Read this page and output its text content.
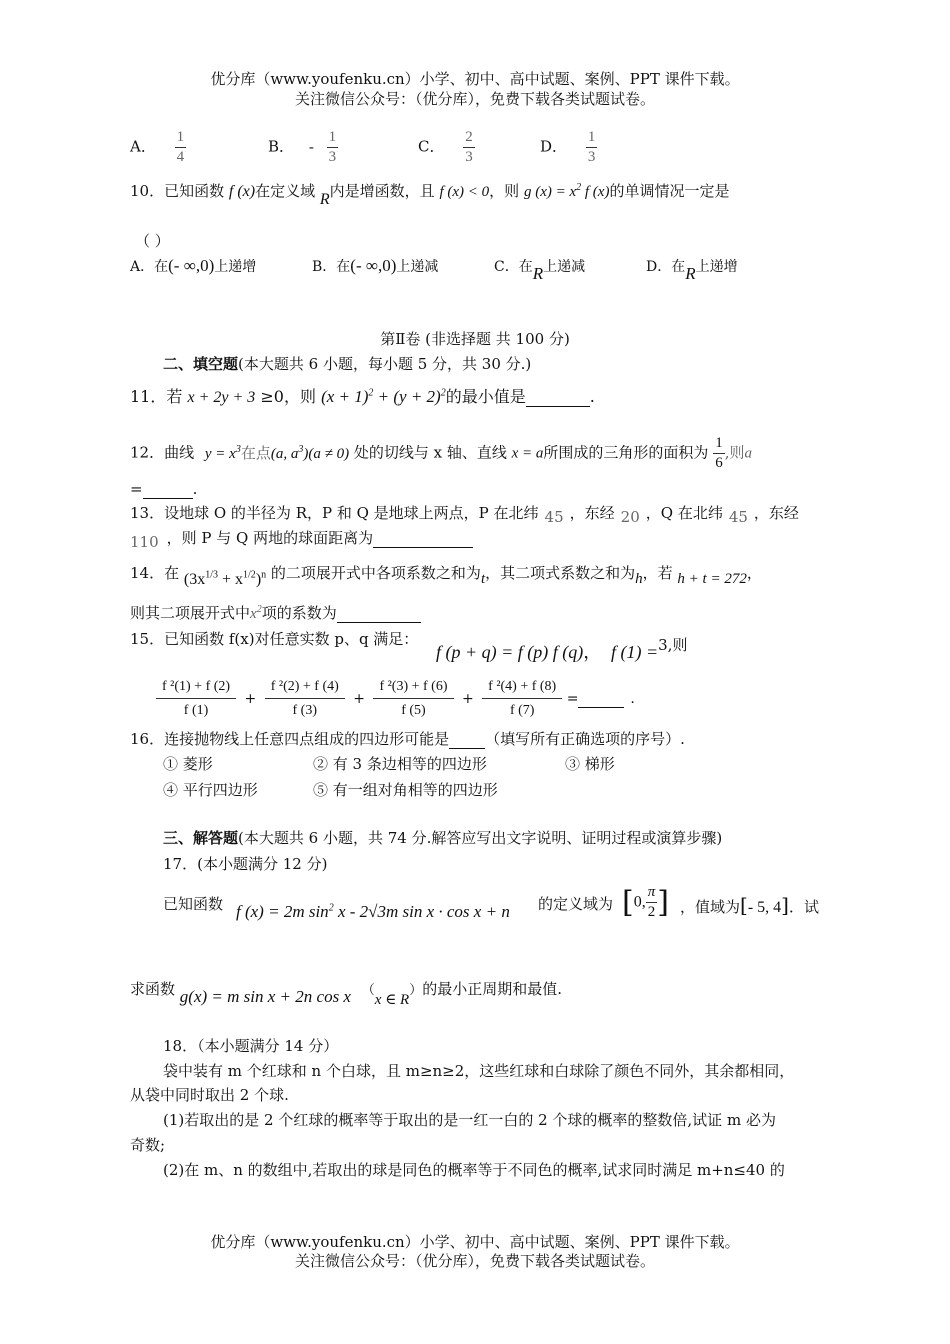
优分库（www.youfenku.cn）小学、初中、高中试题、案例、PPT 课件下载。
关注微信公众号：（优分库），免费下载各类试题试卷。
A． $\frac{1}{4}$	B． - $\frac{1}{3}$	C． $\frac{2}{3}$	D． $\frac{1}{3}$
10．已知函数 f (x)在定义域 R内是增函数，且 f (x) < 0，则 g $(x) = x^2$ f (x)的单调情况一定是
（ ）
A．在(- ∞,0)上递增	B．在(- ∞,0)上递减	C．在R上递减	D．在R上递增
第Ⅱ卷 (非选择题 共 100 分)
二、填空题(本大题共 6 小题，每小题 5 分，共 30 分.)
11．若 x + 2y + 3 ≥0，则 $(x + 1)^2 + (y + 2)^2$的最小值是	.
12．曲线 $y = x^3$在点(a, $a^3)(a \ne 0)$ 处的切线与 x 轴、直线 x = a所围成的三角形的面积为 $\frac{1}{6}$ ,则a
=	.
13．设地球 O 的半径为 R，P 和 Q 是地球上两点，P 在北纬 45 ，东经 20 ，Q 在北纬 45 ，东经
110 ，则 P 与 Q 两地的球面距离为
14．在 $(3x^{1/3} + x^{1/2})^n$ 的二项展开式中各项系数之和为t，其二项式系数之和为h，若 h + t = 272，
则其二项展开式中$x^2$项的系数为
15．已知函数 f(x)对任意实数 p、q 满足：
f (p + q) = f (p) f (q)， f (1) =$^{3,则}$
$\frac{\text{f ²(1) + f (2)}}{f (1)} + \frac{\text{f ²(2) + f (4)}}{f (3)} + \frac{\text{f ²(3) + f (6)}}{f (5)} + \frac{\text{f ²(4) + f (8)}}{f (7)}$ =	.
16．连接抛物线上任意四点组成的四边形可能是 （填写所有正确选项的序号）.
① 菱形	② 有 3 条边相等的四边形	③ 梯形
④ 平行四边形	⑤ 有一组对角相等的四边形
三、解答题(本大题共 6 小题，共 74 分.解答应写出文字说明、证明过程或演算步骤)
17．(本小题满分 12 分)
已知函数 f (x) = 2m $\sin^2 x - 2√3m$ sin x · cos x + n 的定义域为 [0, $\frac{\pi}{2}$ ] ，值域为[- 5, 4]．试
求函数 g(x) = m sin x + 2n cos x （x ∈ R）的最小正周期和最值.
18．（本小题满分 14 分）
袋中装有 m 个红球和 n 个白球，且 m≥n≥2，这些红球和白球除了颜色不同外，其余都相同，
从袋中同时取出 2 个球.
(1)若取出的是 2 个红球的概率等于取出的是一红一白的 2 个球的概率的整数倍,试证 m 必为
奇数;
(2)在 m、n 的数组中,若取出的球是同色的概率等于不同色的概率,试求同时满足 m+n≤40 的
优分库（www.youfenku.cn）小学、初中、高中试题、案例、PPT 课件下载。
关注微信公众号：（优分库），免费下载各类试题试卷。
